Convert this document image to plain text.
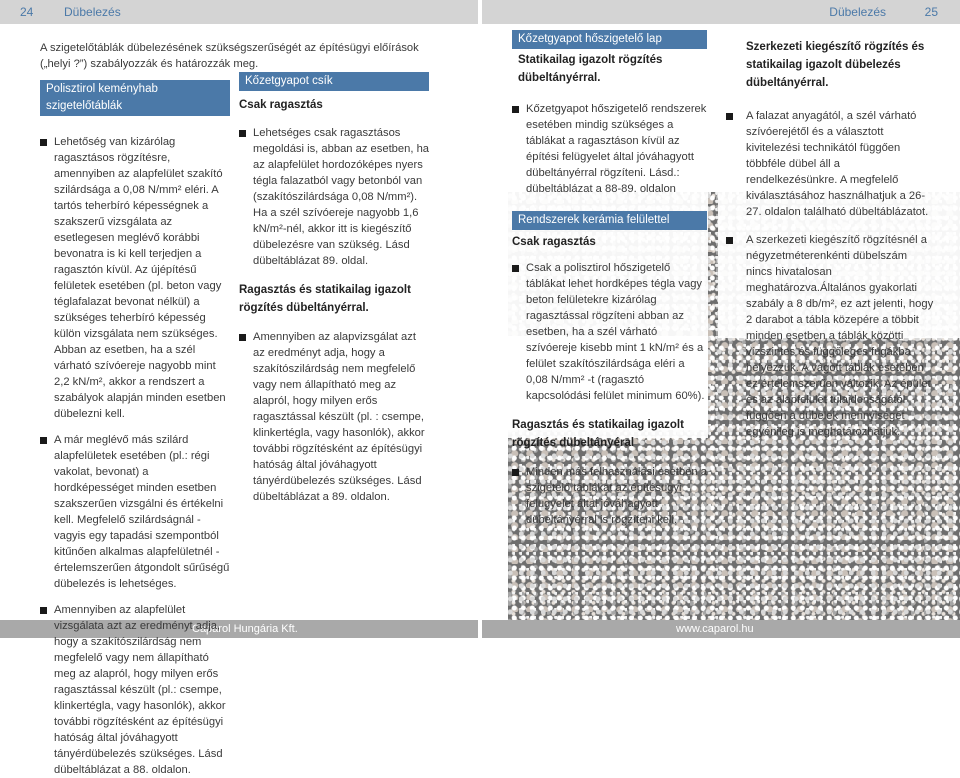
24	Dübelezés	Dübelezés	25
Caparol Hungária Kft.	www.caparol.hu

A szigetelőtáblák dübelezésének szükségszerűségét az építésügyi előírások („helyi ?”) szabályozzák és határozzák meg.

Polisztirol keményhab szigetelőtáblák

Lehetőség van kizárólag ragasztásos rögzítésre, amennyiben az alapfelület szakító szilárdsága a 0,08 N/mm² eléri. A tartós teherbíró képességnek a szakszerű vizsgálata az esetlegesen meglévő korábbi bevonatra is ki kell terjedjen a ragasztón kívül. Az újépítésű felületek esetében (pl. beton vagy téglafalazat bevonat nélkül) a szükséges teherbíró képesség külön vizsgálata nem szükséges. Abban az esetben, ha a szél várható szívóereje nagyobb mint 2,2 kN/m², akkor a rendszert a szabályok alapján minden esetben dübelezni kell.

A már meglévő más szilárd alapfelületek esetében (pl.: régi vakolat, bevonat) a hordképességet minden esetben szakszerűen vizsgálni és értékelni kell. Megfelelő szilárdságnál - vagyis egy tapadási szempontból kitűnően alkalmas alapfelületnél - értelemszerűen átgondolt sűrűségű dübelezés is lehetséges.

Amennyiben az alapfelület vizsgálata azt az eredményt adja, hogy a szakítószilárdság nem megfelelő vagy nem állapítható meg az alapról, hogy milyen erős ragasztással készült (pl.: csempe, klinkertégla, vagy hasonlók), akkor további rögzítésként az építésügyi hatóság által jóváhagyott tányérdübelezés szükséges. Lásd dübeltáblázat a 88. oldalon.

Kőzetgyapot csík

Csak ragasztás

Lehetséges csak ragasztásos megoldási is, abban az esetben, ha az alapfelület hordozóképes nyers tégla falazatból vagy betonból van (szakítószilárdsága 0,08 N/mm²). Ha a szél szívóereje nagyobb 1,6 kN/m²-nél, akkor itt is kiegészítő dübelezésre van szükség. Lásd dübeltáblázat 89. oldal.

Ragasztás és statikailag igazolt rögzítés dübeltányérral.

Amennyiben az alapvizsgálat azt az eredményt adja, hogy a szakítószilárdság nem megfelelő vagy nem állapítható meg az alapról, hogy milyen erős ragasztással készült (pl. : csempe, klinkertégla, vagy hasonlók), akkor további rögzítésként az építésügyi hatóság által jóváhagyott tányérdübelezés szükséges. Lásd dübeltáblázat a 89. oldalon.

Kőzetgyapot hőszigetelő lap

Statikailag igazolt rögzítés dübeltányérral.

Kőzetgyapot hőszigetelő rendszerek esetében mindig szükséges a táblákat a ragasztáson kívül az építési felügyelet által jóváhagyott dübeltányérral rögzíteni. Lásd.: dübeltáblázat a 88-89. oldalon

Rendszerek kerámia felülettel

Csak ragasztás

Csak a polisztirol hőszigetelő táblákat lehet hordképes tégla vagy beton felületekre kizárólag ragasztással rögzíteni abban az esetben, ha a szél várható szívóereje kisebb mint 1 kN/m² és a felület szakítószilárdsága eléri a 0,08 N/mm² -t (ragasztó kapcsolódási felület minimum 60%).

Ragasztás és statikailag igazolt rögzítés dübeltányéral

Minden más felhasználási esetben a szigetelő táblákat az építésügyi felügyelet által jóváhagyott dübeltányérral is rögzíteni kell.

Szerkezeti kiegészítő rögzítés és statikailag igazolt dübelezés dübeltányérral.

A falazat anyagától, a szél várható szívóerejétől és a választott kivitelezési technikától függően többféle dübel áll a rendelkezésünkre. A megfelelő kiválasztásához használhatjuk a 26-27. oldalon található dübeltáblázatot.

A szerkezeti kiegészítő rögzítésnél a négyzetméterenkénti dübelszám nincs hivatalosan meghatározva.Általános gyakorlati szabály a 8 db/m², ez azt jelenti, hogy 2 darabot a tábla közepére a többit minden esetben a táblák közötti vízszintes és függőleges fugákba helyezzük. A vágott táblák esetében ez értelemszerűen változik. Az épület és az alapfelület tulajdonságától függően a dübelek mennyiségét egyénileg is meghatározhatjuk.
